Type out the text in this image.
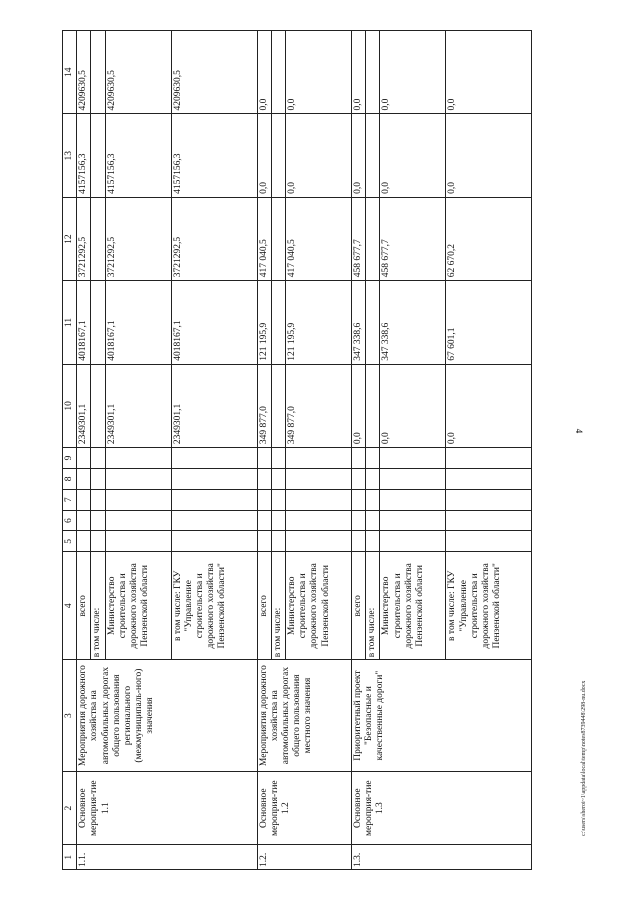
4
c:\users\sheroi~1\appdata\local\temp\notes8739448\298-nu.docx
1	2	3	4	5	6	7	8	9	10	11	12	13	14
1.1.	Основное мероприя-тие 1.1	Мероприятия дорожного хозяйства на автомобильных дорогах общего пользования регионального (межмуниципаль-ного) значения	всего						2349301,1	4018167,1	3721292,5	4157156,3	4209630,5
			в том числе:										
			Министерство строительства и дорожного хозяйства Пензенской области						2349301,1	4018167,1	3721292,5	4157156,3	4209630,5
			в том числе: ГКУ "Управление строительства и дорожного хозяйства Пензенской области"						2349301,1	4018167,1	3721292,5	4157156,3	4209630,5
1.2.	Основное мероприя-тие 1.2	Мероприятия дорожного хозяйства на автомобильных дорогах общего пользования местного значения	всего						349 877,0	121 195,9	417 040,5	0,0	0,0
			в том числе:										
			Министерство строительства и дорожного хозяйства Пензенской области						349 877,0	121 195,9	417 040,5	0,0	0,0
1.3.	Основное мероприя-тие 1.3	Приоритетный проект "Безопасные и качественные дороги"	всего						0,0	347 338,6	458 677,7	0,0	0,0
			в том числе:										
			Министерство строительства и дорожного хозяйства Пензенской области						0,0	347 338,6	458 677,7	0,0	0,0
			в том числе: ГКУ "Управление строительства и дорожного хозяйства Пензенской области"						0,0	67 601,1	62 670,2	0,0	0,0
